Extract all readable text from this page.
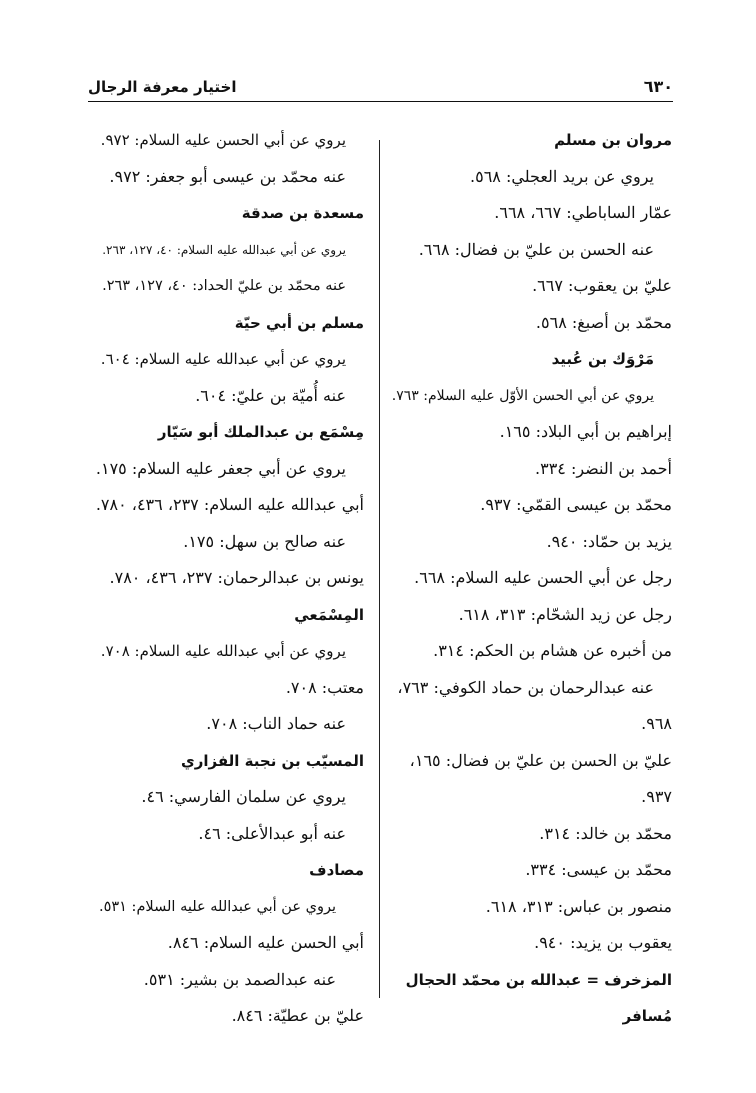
اختيار معرفة الرجال	٦٣٠
مروان بن مسلم
يروي عن بريد العجلي: ٥٦٨.
عمّار الساباطي: ٦٦٧، ٦٦٨.
عنه الحسن بن عليّ بن فضال: ٦٦٨.
عليّ بن يعقوب: ٦٦٧.
محمّد بن أصبغ: ٥٦٨.
مَرْوَك بن عُبيد
يروي عن أبي الحسن الأوّل عليه السلام: ٧٦٣.
إبراهيم بن أبي البلاد: ١٦٥.
أحمد بن النضر: ٣٣٤.
محمّد بن عيسى القمّي: ٩٣٧.
يزيد بن حمّاد: ٩٤٠.
رجل عن أبي الحسن عليه السلام: ٦٦٨.
رجل عن زيد الشحّام: ٣١٣، ٦١٨.
من أخبره عن هشام بن الحكم: ٣١٤.
عنه عبدالرحمان بن حماد الكوفي: ٧٦٣،
٩٦٨.
عليّ بن الحسن بن عليّ بن فضال: ١٦٥،
٩٣٧.
محمّد بن خالد: ٣١٤.
محمّد بن عيسى: ٣٣٤.
منصور بن عباس: ٣١٣، ٦١٨.
يعقوب بن يزيد: ٩٤٠.
المزخرف = عبدالله بن محمّد الحجال
مُسافر
يروي عن أبي الحسن عليه السلام: ٩٧٢.
عنه محمّد بن عيسى أبو جعفر: ٩٧٢.
مسعدة بن صدقة
يروي عن أبي عبدالله عليه السلام: ٤٠، ١٢٧، ٢٦٣.
عنه محمّد بن عليّ الحداد: ٤٠، ١٢٧، ٢٦٣.
مسلم بن أبي حيّة
يروي عن أبي عبدالله عليه السلام: ٦٠٤.
عنه أُميّة بن عليّ: ٦٠٤.
مِسْمَع بن عبدالملك أبو سَيّار
يروي عن أبي جعفر عليه السلام: ١٧٥.
أبي عبدالله عليه السلام: ٢٣٧، ٤٣٦، ٧٨٠.
عنه صالح بن سهل: ١٧٥.
يونس بن عبدالرحمان: ٢٣٧، ٤٣٦، ٧٨٠.
المِسْمَعي
يروي عن أبي عبدالله عليه السلام: ٧٠٨.
معتب: ٧٠٨.
عنه حماد الناب: ٧٠٨.
المسيّب بن نجبة الفزاري
يروي عن سلمان الفارسي: ٤٦.
عنه أبو عبدالأعلى: ٤٦.
مصادف
يروي عن أبي عبدالله عليه السلام: ٥٣١.
أبي الحسن عليه السلام: ٨٤٦.
عنه عبدالصمد بن بشير: ٥٣١.
عليّ بن عطيّة: ٨٤٦.
